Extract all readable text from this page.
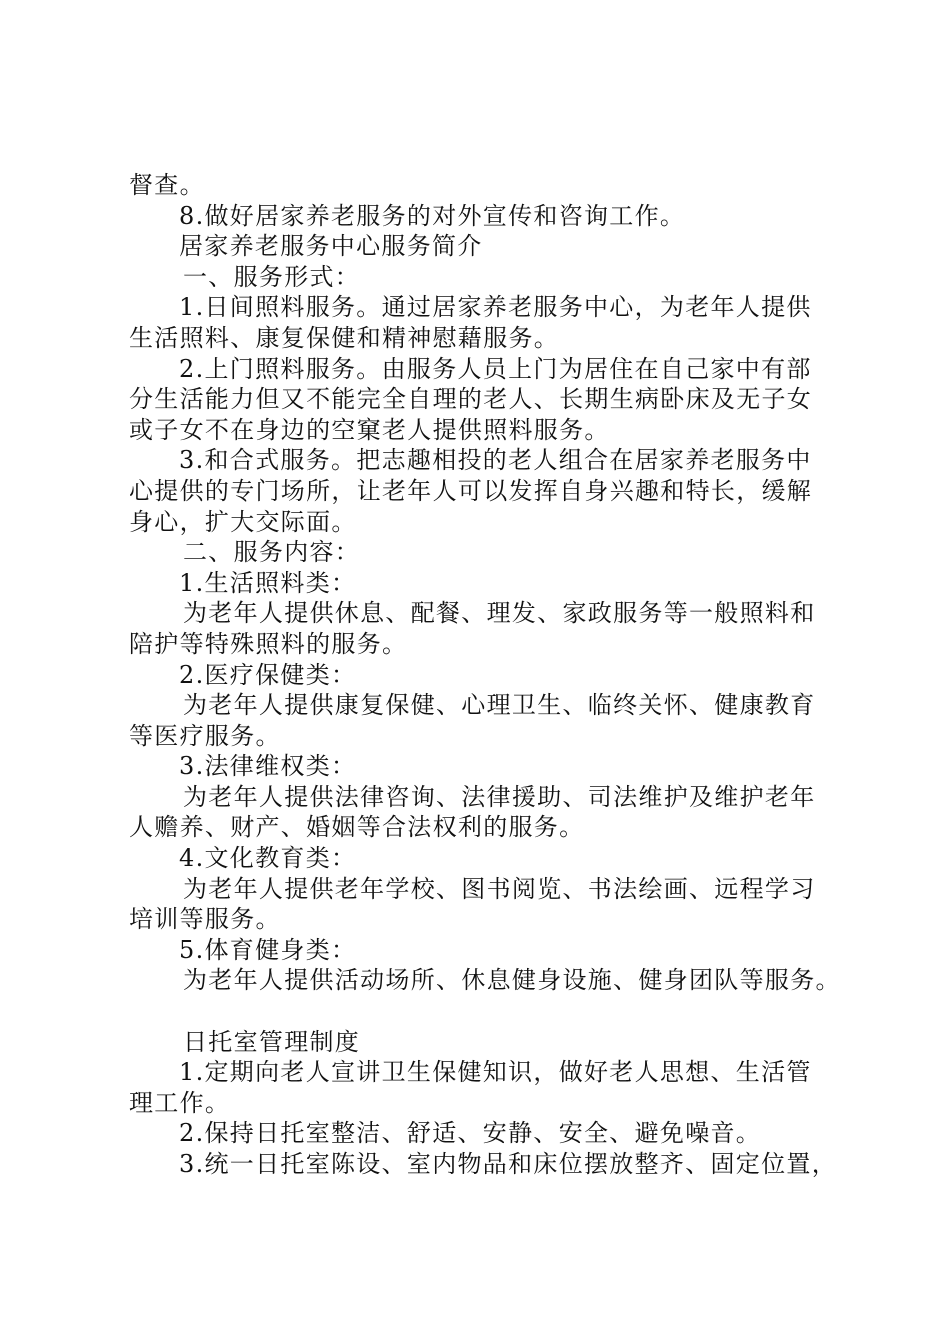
督查。
8.做好居家养老服务的对外宣传和咨询工作。
居家养老服务中心服务简介
一、服务形式：
1.日间照料服务。通过居家养老服务中心，为老年人提供
生活照料、康复保健和精神慰藉服务。
2.上门照料服务。由服务人员上门为居住在自己家中有部
分生活能力但又不能完全自理的老人、长期生病卧床及无子女
或子女不在身边的空窠老人提供照料服务。
3.和合式服务。把志趣相投的老人组合在居家养老服务中
心提供的专门场所，让老年人可以发挥自身兴趣和特长，缓解
身心，扩大交际面。
二、服务内容：
1.生活照料类：
为老年人提供休息、配餐、理发、家政服务等一般照料和
陪护等特殊照料的服务。
2.医疗保健类：
为老年人提供康复保健、心理卫生、临终关怀、健康教育
等医疗服务。
3.法律维权类：
为老年人提供法律咨询、法律援助、司法维护及维护老年
人赡养、财产、婚姻等合法权利的服务。
4.文化教育类：
为老年人提供老年学校、图书阅览、书法绘画、远程学习
培训等服务。
5.体育健身类：
为老年人提供活动场所、休息健身设施、健身团队等服务。
日托室管理制度
1.定期向老人宣讲卫生保健知识，做好老人思想、生活管
理工作。
2.保持日托室整洁、舒适、安静、安全、避免噪音。
3.统一日托室陈设、室内物品和床位摆放整齐、固定位置，
